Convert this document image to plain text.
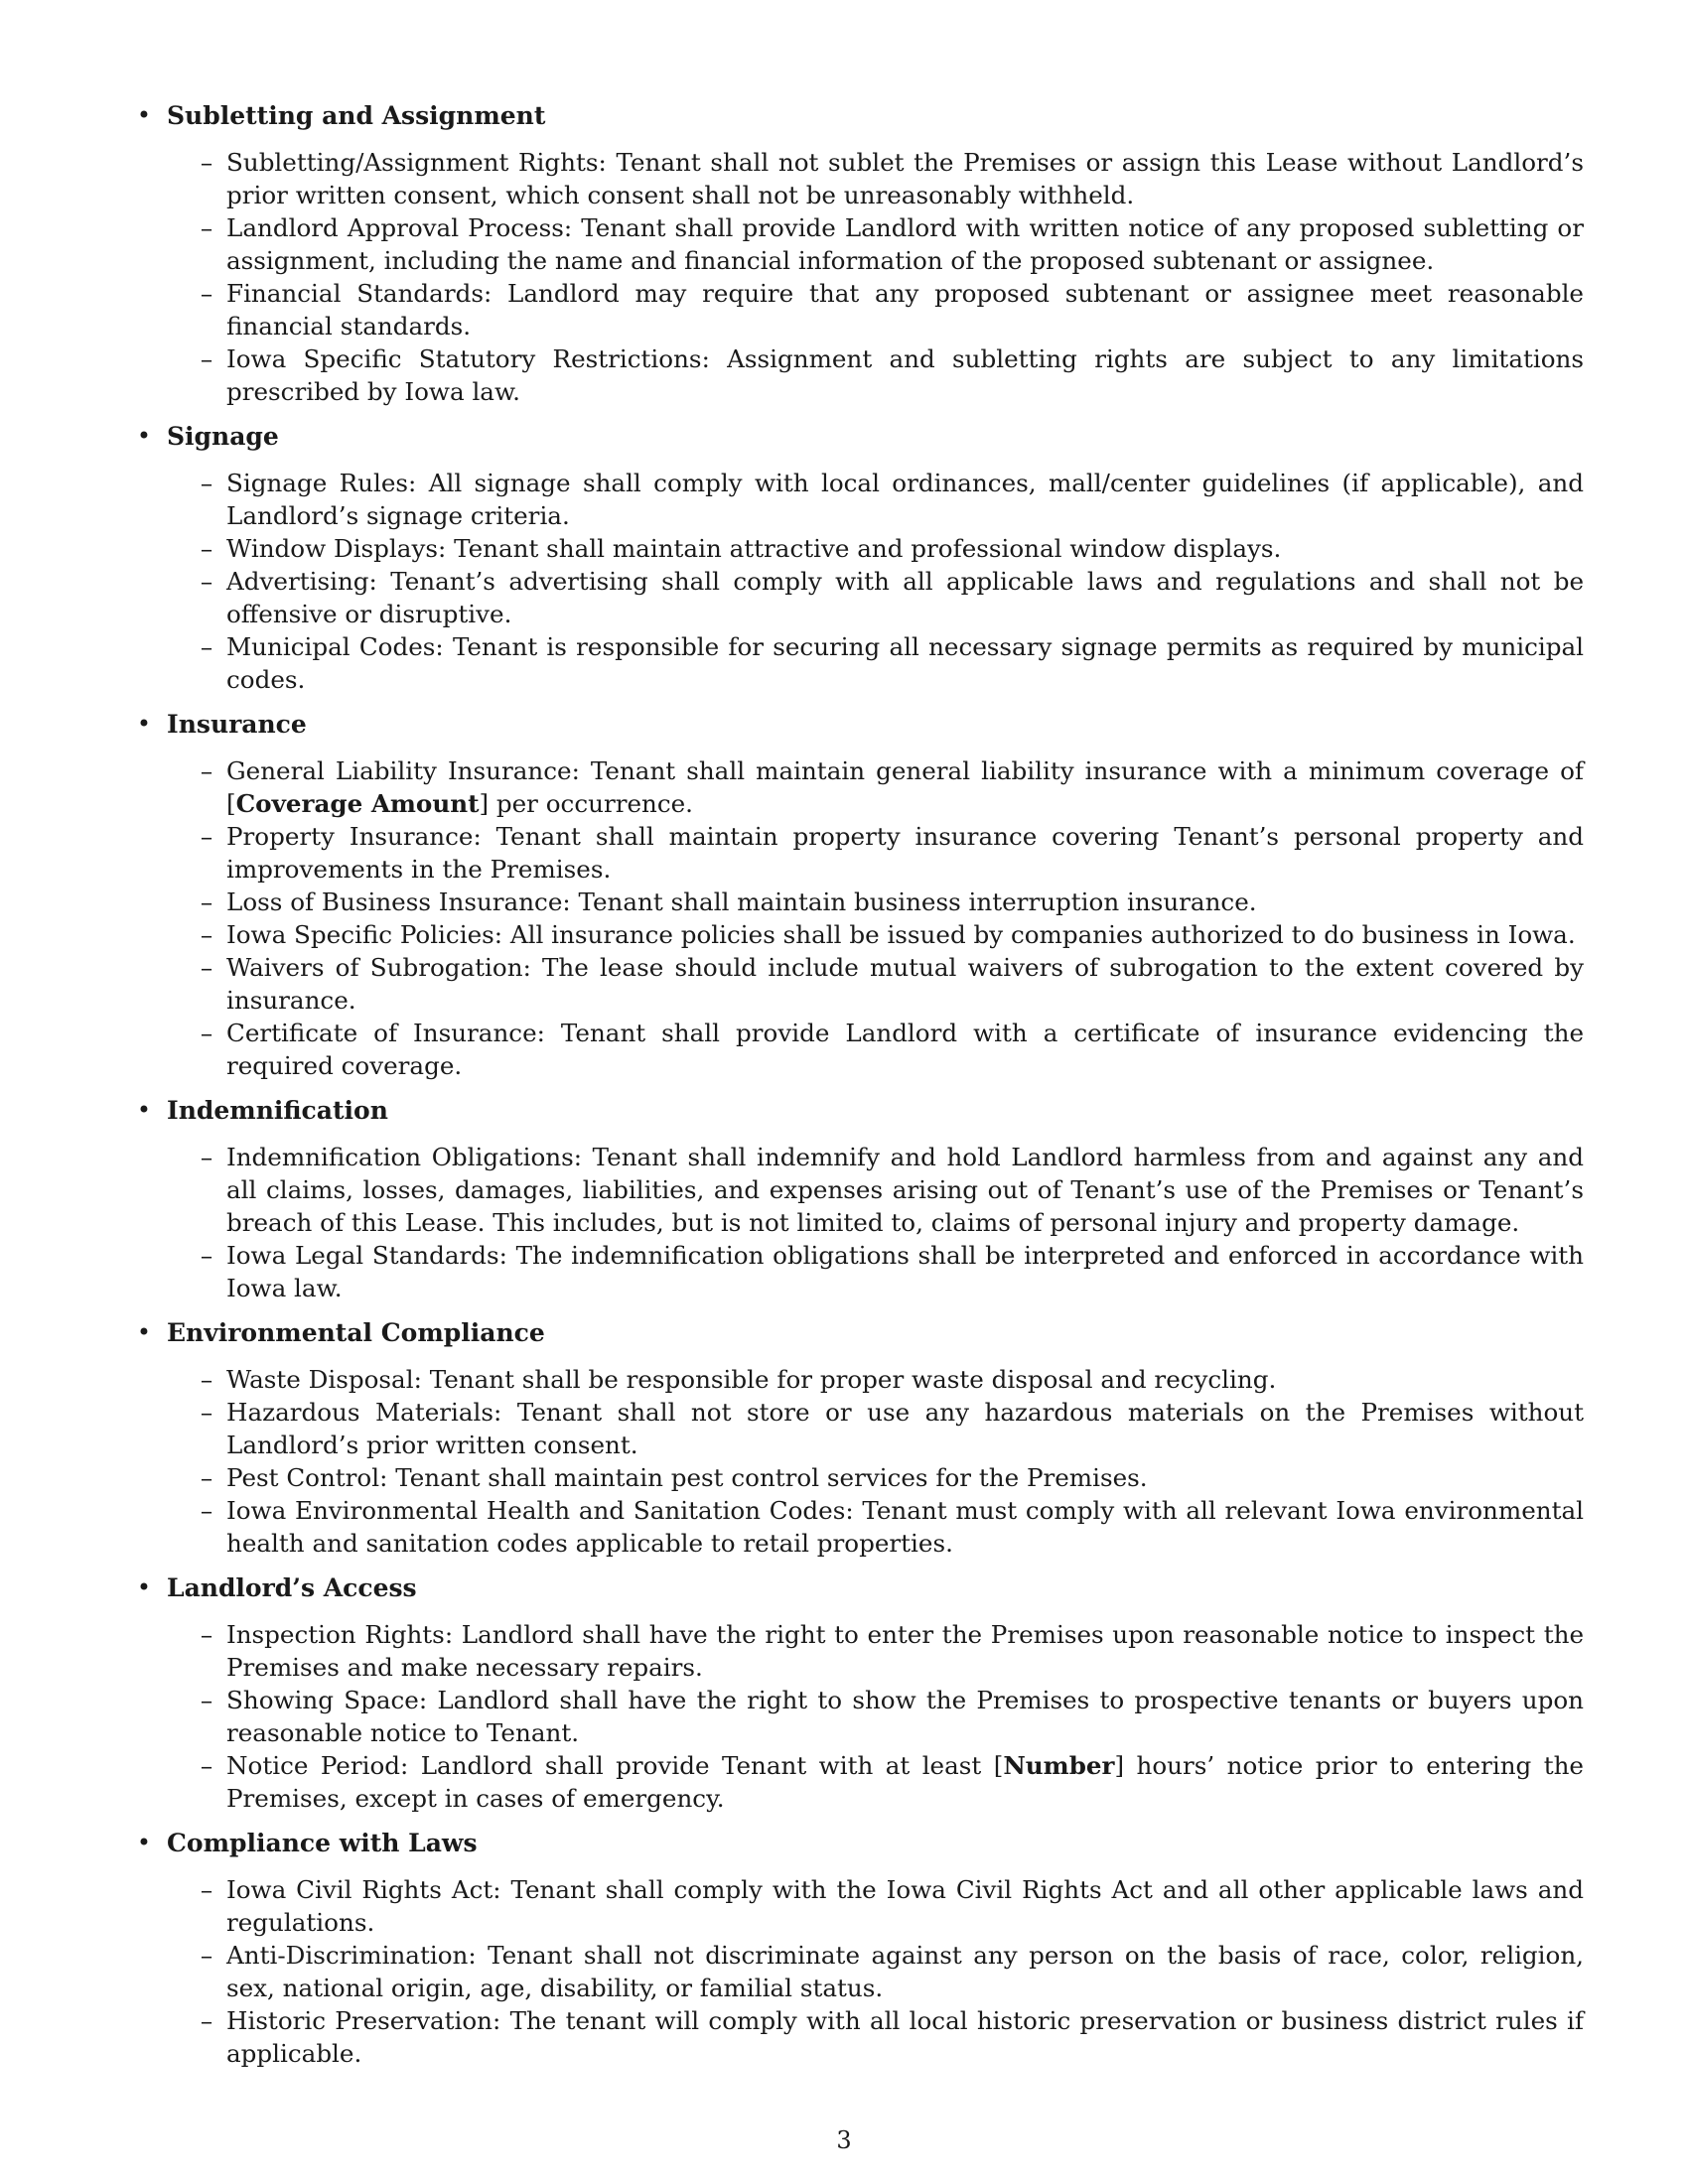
• Subletting and Assignment
– Subletting/Assignment Rights : Tenant shall not sublet the Premises or assign this Lease without Landlord’s prior written consent, which consent shall not be unreasonably withheld.
– Landlord Approval Process : Tenant shall provide Landlord with written notice of any proposed subletting or assignment, including the name and financial information of the proposed subtenant or assignee.
– Financial Standards : Landlord may require that any proposed subtenant or assignee meet reasonable financial standards.
– Iowa Specific Statutory Restrictions : Assignment and subletting rights are subject to any limitations prescribed by Iowa law.
• Signage
– Signage Rules : All signage shall comply with local ordinances, mall/center guidelines (if applicable), and Landlord’s signage criteria.
– Window Displays : Tenant shall maintain attractive and professional window displays.
– Advertising : Tenant’s advertising shall comply with all applicable laws and regulations and shall not be offensive or disruptive.
– Municipal Codes : Tenant is responsible for securing all necessary signage permits as required by municipal codes.
• Insurance
– General Liability Insurance : Tenant shall maintain general liability insurance with a minimum coverage of [Coverage Amount] per occurrence.
– Property Insurance : Tenant shall maintain property insurance covering Tenant’s personal property and improvements in the Premises.
– Loss of Business Insurance : Tenant shall maintain business interruption insurance.
– Iowa Specific Policies : All insurance policies shall be issued by companies authorized to do business in Iowa.
– Waivers of Subrogation : The lease should include mutual waivers of subrogation to the extent covered by insurance.
– Certificate of Insurance : Tenant shall provide Landlord with a certificate of insurance evidencing the required coverage.
• Indemnification
– Indemnification Obligations : Tenant shall indemnify and hold Landlord harmless from and against any and all claims, losses, damages, liabilities, and expenses arising out of Tenant’s use of the Premises or Tenant’s breach of this Lease. This includes, but is not limited to, claims of personal injury and property damage.
– Iowa Legal Standards : The indemnification obligations shall be interpreted and enforced in accordance with Iowa law.
• Environmental Compliance
– Waste Disposal : Tenant shall be responsible for proper waste disposal and recycling.
– Hazardous Materials : Tenant shall not store or use any hazardous materials on the Premises without Landlord’s prior written consent.
– Pest Control : Tenant shall maintain pest control services for the Premises.
– Iowa Environmental Health and Sanitation Codes : Tenant must comply with all relevant Iowa environmental health and sanitation codes applicable to retail properties.
• Landlord’s Access
– Inspection Rights : Landlord shall have the right to enter the Premises upon reasonable notice to inspect the Premises and make necessary repairs.
– Showing Space : Landlord shall have the right to show the Premises to prospective tenants or buyers upon reasonable notice to Tenant.
– Notice Period : Landlord shall provide Tenant with at least [Number] hours’ notice prior to entering the Premises, except in cases of emergency.
• Compliance with Laws
– Iowa Civil Rights Act : Tenant shall comply with the Iowa Civil Rights Act and all other applicable laws and regulations.
– Anti-Discrimination : Tenant shall not discriminate against any person on the basis of race, color, religion, sex, national origin, age, disability, or familial status.
– Historic Preservation : The tenant will comply with all local historic preservation or business district rules if applicable.
3
